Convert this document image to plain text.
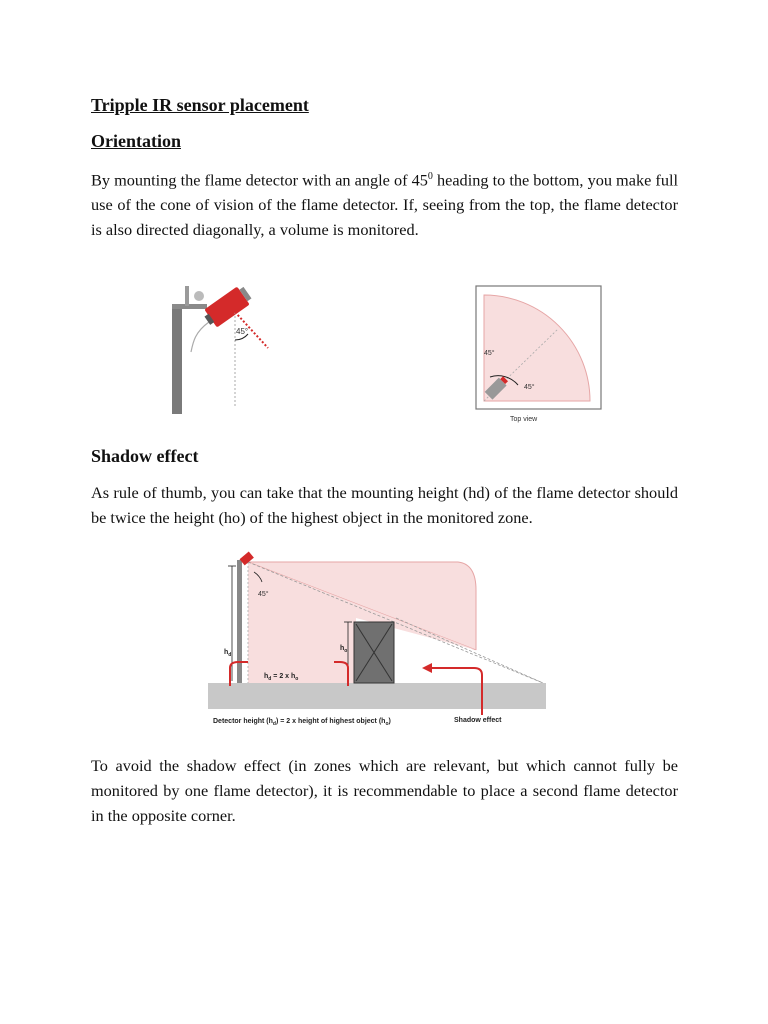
Tripple IR sensor placement
Orientation

By mounting the flame detector with an angle of $45^0$ heading to the bottom, you make full use of the cone of vision of the flame detector. If, seeing from the top, the flame detector is also directed diagonally, a volume is monitored.

45°
45°
45°
Top view
Shadow effect

As rule of thumb, you can take that the mounting height (hd) of the flame detector should be twice the height (ho) of the highest object in the monitored zone.

45°
$h_d$
$h_o$
$h_d = 2$ x $h_o$
Detector height $(h_d) = 2$ x height of highest object $(h_o)$	Shadow effect

To avoid the shadow effect (in zones which are relevant, but which cannot fully be monitored by one flame detector), it is recommendable to place a second flame detector in the opposite corner.
